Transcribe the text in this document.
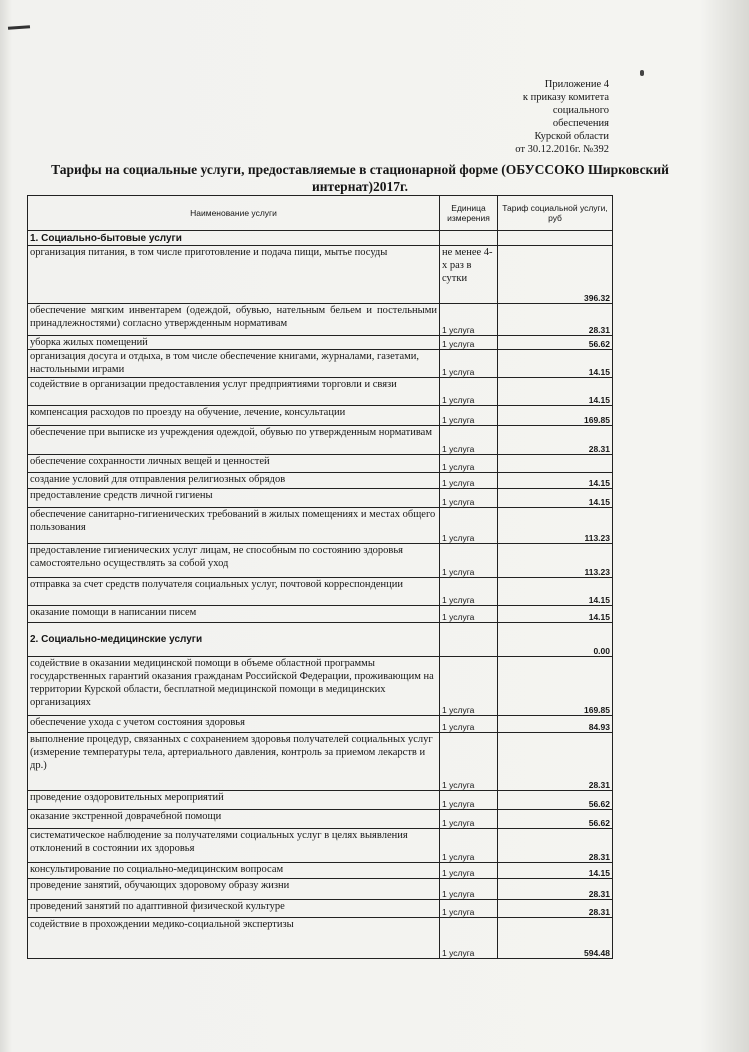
Приложение 4
к приказу комитета
социального
обеспечения
Курской области
от 30.12.2016г. №392
Тарифы на социальные услуги, предоставляемые в стационарной форме (ОБУССОКО Ширковский интернат)2017г.
Наименование услуги	Единица измерения	Тариф социальной услуги, руб
1. Социально-бытовые услуги		
организация питания, в том числе приготовление и подача пищи, мытье посуды	не менее 4-х раз в сутки	396.32
обеспечение мягким инвентарем (одеждой, обувью, нательным бельем и постельными принадлежностями) согласно утвержденным нормативам	1 услуга	28.31
уборка жилых помещений	1 услуга	56.62
организация досуга и отдыха, в том числе обеспечение книгами, журналами, газетами, настольными играми	1 услуга	14.15
содействие в организации предоставления услуг предприятиями торговли и связи	1 услуга	14.15
компенсация расходов по проезду на обучение, лечение, консультации	1 услуга	169.85
обеспечение при выписке из учреждения одеждой, обувью по утвержденным нормативам	1 услуга	28.31
обеспечение сохранности личных вещей и ценностей	1 услуга	
создание условий для отправления религиозных обрядов	1 услуга	14.15
предоставление средств личной гигиены	1 услуга	14.15
обеспечение санитарно-гигиенических требований в жилых помещениях и местах общего пользования	1 услуга	113.23
предоставление гигиенических услуг лицам, не способным по состоянию здоровья самостоятельно осуществлять за собой уход	1 услуга	113.23
отправка за счет средств получателя социальных услуг, почтовой корреспонденции	1 услуга	14.15
оказание помощи в написании писем	1 услуга	14.15
2. Социально-медицинские услуги		0.00
содействие в оказании медицинской помощи в объеме областной программы государственных гарантий оказания гражданам Российской Федерации, проживающим на территории Курской области, бесплатной медицинской помощи в медицинских организациях	1 услуга	169.85
обеспечение ухода с учетом состояния здоровья	1 услуга	84.93
выполнение процедур, связанных с сохранением здоровья получателей социальных услуг (измерение температуры тела, артериального давления, контроль за приемом лекарств и др.)	1 услуга	28.31
проведение оздоровительных мероприятий	1 услуга	56.62
оказание экстренной доврачебной помощи	1 услуга	56.62
систематическое наблюдение за получателями социальных услуг в целях выявления отклонений в состоянии их здоровья	1 услуга	28.31
консультирование по социально-медицинским вопросам	1 услуга	14.15
проведение занятий, обучающих здоровому образу жизни	1 услуга	28.31
проведений занятий по адаптивной физической культуре	1 услуга	28.31
содействие в прохождении медико-социальной экспертизы	1 услуга	594.48
